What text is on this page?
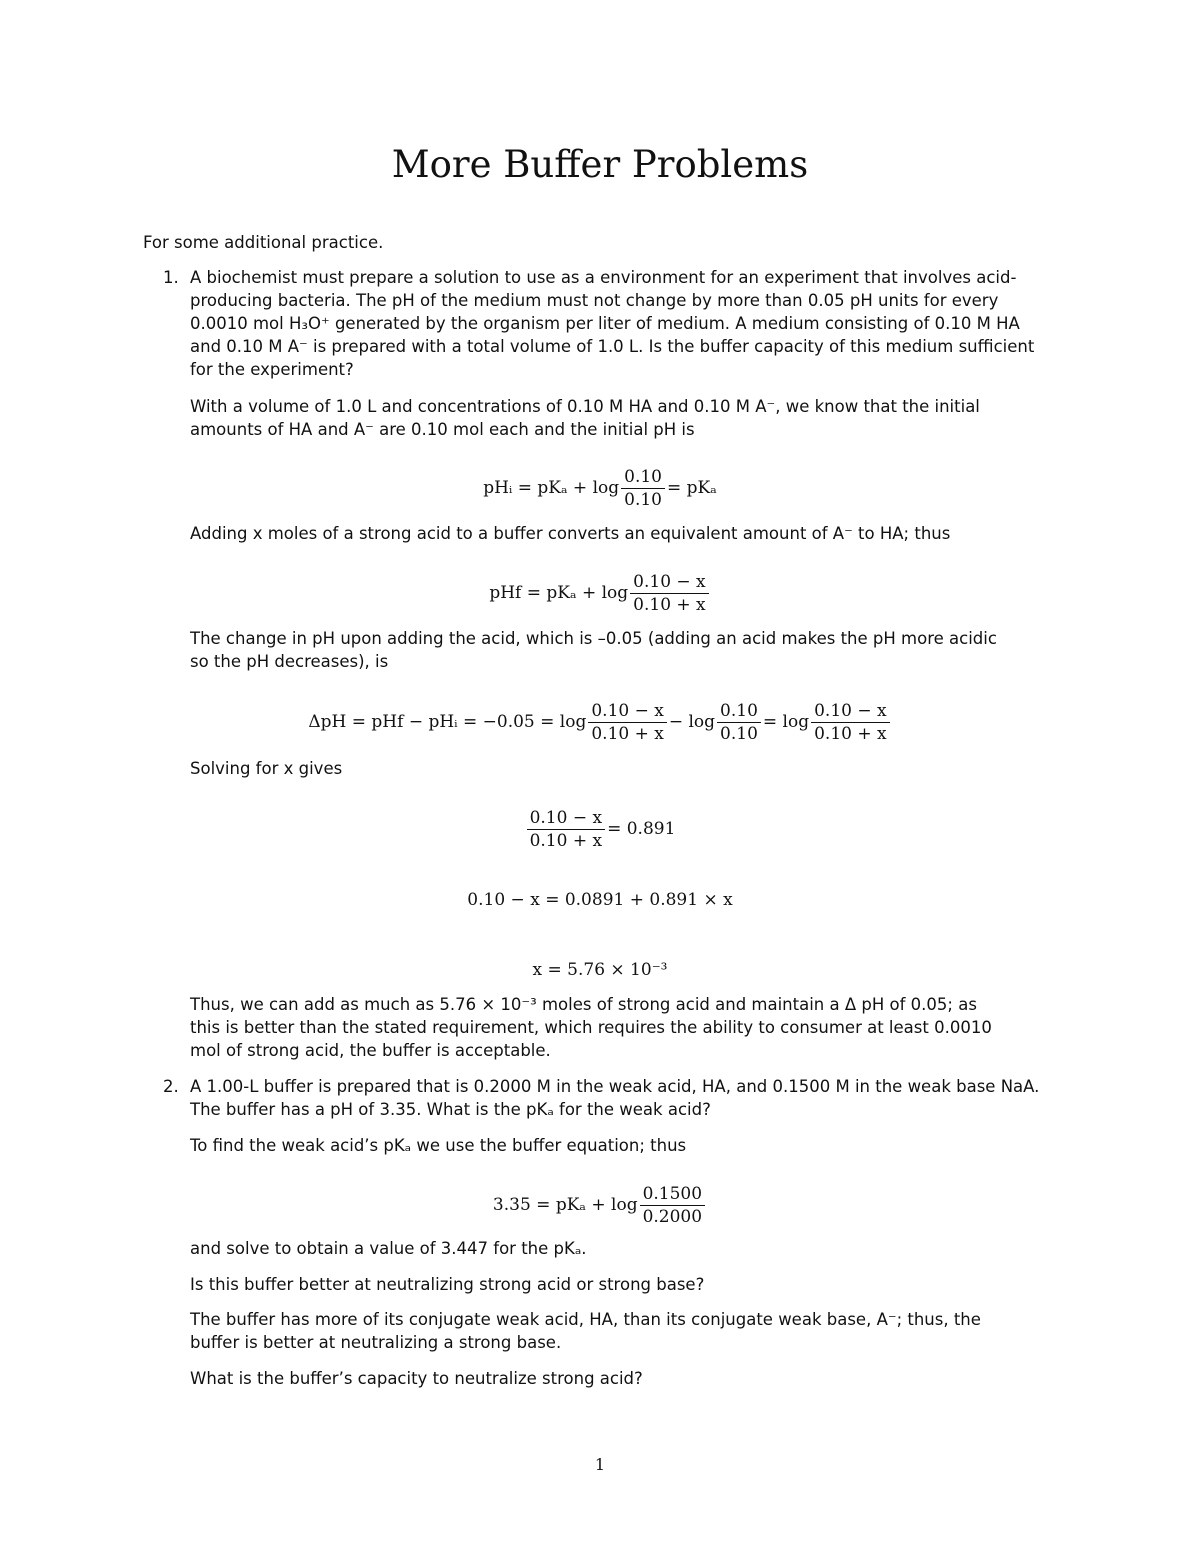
More Buffer Problems
For some additional practice.
1. A biochemist must prepare a solution to use as a environment for an experiment that involves acid-
producing bacteria. The pH of the medium must not change by more than 0.05 pH units for every
0.0010 mol H₃O⁺ generated by the organism per liter of medium. A medium consisting of 0.10 M HA
and 0.10 M A⁻ is prepared with a total volume of 1.0 L. Is the buffer capacity of this medium sufficient
for the experiment?
With a volume of 1.0 L and concentrations of 0.10 M HA and 0.10 M A⁻, we know that the initial
amounts of HA and A⁻ are 0.10 mol each and the initial pH is
pHᵢ = $pK_a + \log \frac{0.10}{0.10} = pK_a$
Adding x moles of a strong acid to a buffer converts an equivalent amount of A⁻ to HA; thus
pHf = $pK_a + \log \frac{0.10 - x}{0.10 + x}$
The change in pH upon adding the acid, which is –0.05 (adding an acid makes the pH more acidic
so the pH decreases), is
ΔpH = pHf − pHᵢ = $-0.05 = \log \frac{0.10 - x}{0.10 + x} - \log \frac{0.10}{0.10} = \log \frac{0.10 - x}{0.10 + x}$
Solving for x gives
$\frac{0.10 - x}{0.10 + x} = 0.891$
0.10 − x = 0.0891 + 0.891 × x
x = 5.76 × 10⁻³
Thus, we can add as much as 5.76 × 10⁻³ moles of strong acid and maintain a Δ pH of 0.05; as
this is better than the stated requirement, which requires the ability to consumer at least 0.0010
mol of strong acid, the buffer is acceptable.
2. A 1.00-L buffer is prepared that is 0.2000 M in the weak acid, HA, and 0.1500 M in the weak base NaA.
The buffer has a pH of 3.35. What is the pKₐ for the weak acid?
To find the weak acid’s pKₐ we use the buffer equation; thus
$3.35 = pK_a + \log \frac{0.1500}{0.2000}$
and solve to obtain a value of 3.447 for the pKₐ.
Is this buffer better at neutralizing strong acid or strong base?
The buffer has more of its conjugate weak acid, HA, than its conjugate weak base, A⁻; thus, the
buffer is better at neutralizing a strong base.
What is the buffer’s capacity to neutralize strong acid?
1
